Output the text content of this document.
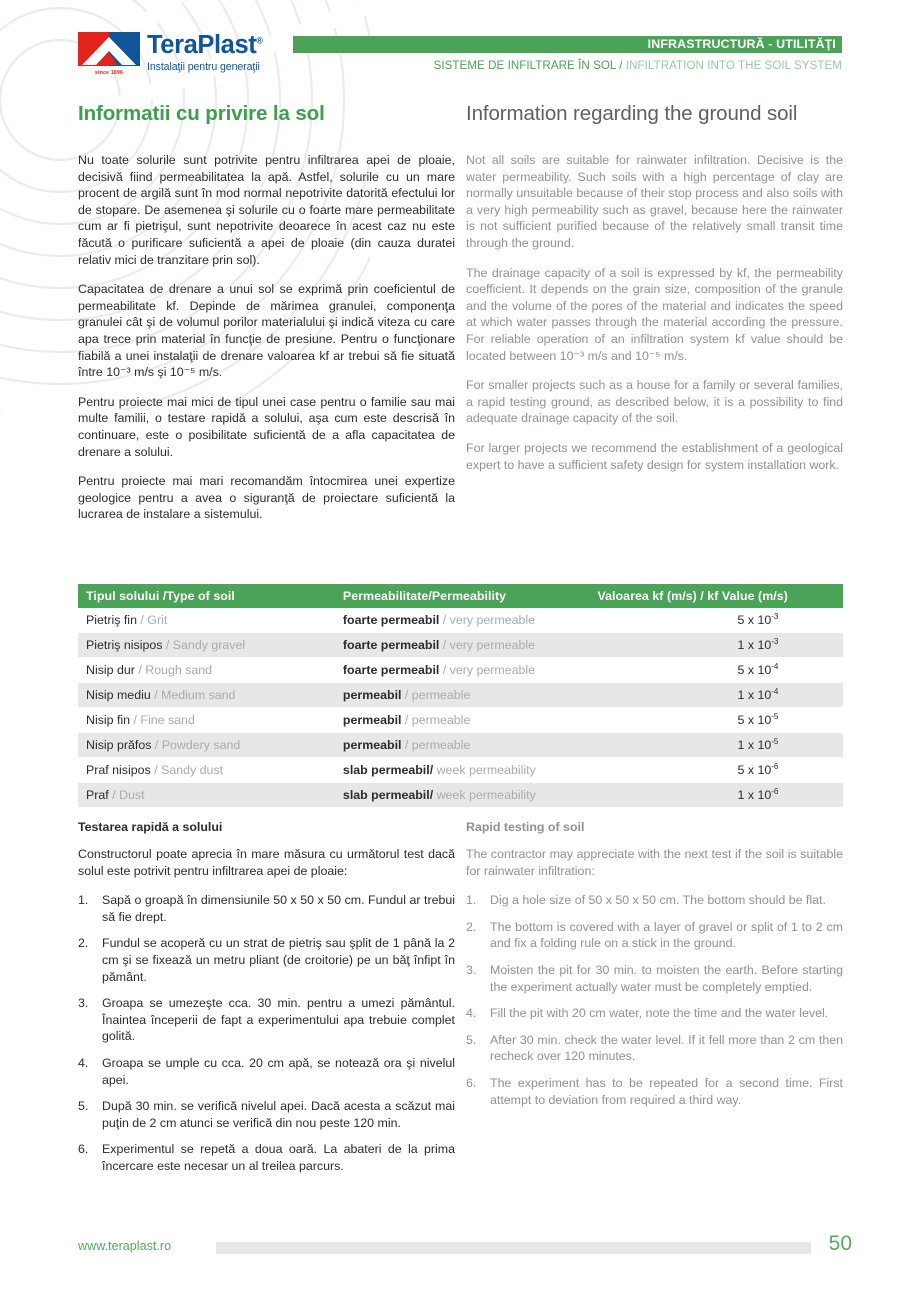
since 1896
TeraPlast®
Instalaţii pentru generaţii
INFRASTRUCTURĂ - UTILITĂŢI
SISTEME DE INFILTRARE ÎN SOL / INFILTRATION INTO THE SOIL SYSTEM
Informatii cu privire la sol	Information regarding the ground soil

Nu toate solurile sunt potrivite pentru infiltrarea apei de ploaie, decisivă fiind permeabilitatea la apă. Astfel, solurile cu un mare procent de argilă sunt în mod normal nepotrivite datorită efectului lor de stopare. De asemenea şi solurile cu o foarte mare permeabilitate cum ar fi pietrişul, sunt nepotrivite deoarece în acest caz nu este făcută o purificare suficientă a apei de ploaie (din cauza duratei relativ mici de tranzitare prin sol).

Capacitatea de drenare a unui sol se exprimă prin coeficientul de permeabilitate kf. Depinde de mărimea granulei, componenţa granulei cât şi de volumul porilor materialului şi indică viteza cu care apa trece prin material în funcţie de presiune. Pentru o funcţionare fiabilă a unei instalaţii de drenare valoarea kf ar trebui să fie situată între 10⁻³ m/s şi 10⁻⁵ m/s.

Pentru proiecte mai mici de tipul unei case pentru o familie sau mai multe familii, o testare rapidă a solului, aşa cum este descrisă în continuare, este o posibilitate suficientă de a afla capacitatea de drenare a solului.

Pentru proiecte mai mari recomandăm întocmirea unei expertize geologice pentru a avea o siguranţă de proiectare suficientă la lucrarea de instalare a sistemului.

Not all soils are suitable for rainwater infiltration. Decisive is the water permeability. Such soils with a high percentage of clay are normally unsuitable because of their stop process and also soils with a very high permeability such as gravel, because here the rainwater is not sufficient purified because of the relatively small transit time through the ground.

The drainage capacity of a soil is expressed by kf, the permeability coefficient. It depends on the grain size, composition of the granule and the volume of the pores of the material and indicates the speed at which water passes through the material according the pressure. For reliable operation of an infiltration system kf value should be located between 10⁻³ m/s and 10⁻⁵ m/s.

For smaller projects such as a house for a family or several families, a rapid testing ground, as described below, it is a possibility to find adequate drainage capacity of the soil.

For larger projects we recommend the establishment of a geological expert to have a sufficient safety design for system installation work.

Tipul solului /Type of soil	Permeabilitate/Permeability	Valoarea kf (m/s) / kf Value (m/s)
Pietriş fin / Grit	foarte permeabil / very permeable	5 x $10^{-3}$
Pietriş nisipos / Sandy gravel	foarte permeabil / very permeable	1 x $10^{-3}$
Nisip dur / Rough sand	foarte permeabil / very permeable	5 x $10^{-4}$
Nisip mediu / Medium sand	permeabil / permeable	1 x $10^{-4}$
Nisip fin / Fine sand	permeabil / permeable	5 x $10^{-5}$
Nisip prăfos / Powdery sand	permeabil / permeable	1 x $10^{-5}$
Praf nisipos / Sandy dust	slab permeabil/ week permeability	5 x $10^{-6}$
Praf / Dust	slab permeabil/ week permeability	1 x $10^{-6}$
Testarea rapidă a solului
Constructorul poate aprecia în mare măsura cu următorul test dacă solul este potrivit pentru infiltrarea apei de ploaie:
Sapă o groapă în dimensiunile 50 x 50 x 50 cm. Fundul ar trebui să fie drept.
Fundul se acoperă cu un strat de pietriş sau şplit de 1 până la 2 cm şi se fixează un metru pliant (de croitorie) pe un băţ înfipt în pământ.
Groapa se umezeşte cca. 30 min. pentru a umezi pământul. Înaintea începerii de fapt a experimentului apa trebuie complet golită.
Groapa se umple cu cca. 20 cm apă, se notează ora şi nivelul apei.
După 30 min. se verifică nivelul apei. Dacă acesta a scăzut mai puţin de 2 cm atunci se verifică din nou peste 120 min.
Experimentul se repetă a doua oară. La abateri de la prima încercare este necesar un al treilea parcurs.
Rapid testing of soil
The contractor may appreciate with the next test if the soil is suitable for rainwater infiltration:
Dig a hole size of 50 x 50 x 50 cm. The bottom should be flat.
The bottom is covered with a layer of gravel or split of 1 to 2 cm and fix a folding rule on a stick in the ground.
Moisten the pit for 30 min. to moisten the earth. Before starting the experiment actually water must be completely emptied.
Fill the pit with 20 cm water, note the time and the water level.
After 30 min. check the water level. If it fell more than 2 cm then recheck over 120 minutes.
The experiment has to be repeated for a second time. First attempt to deviation from required a third way.
www.teraplast.ro	50
